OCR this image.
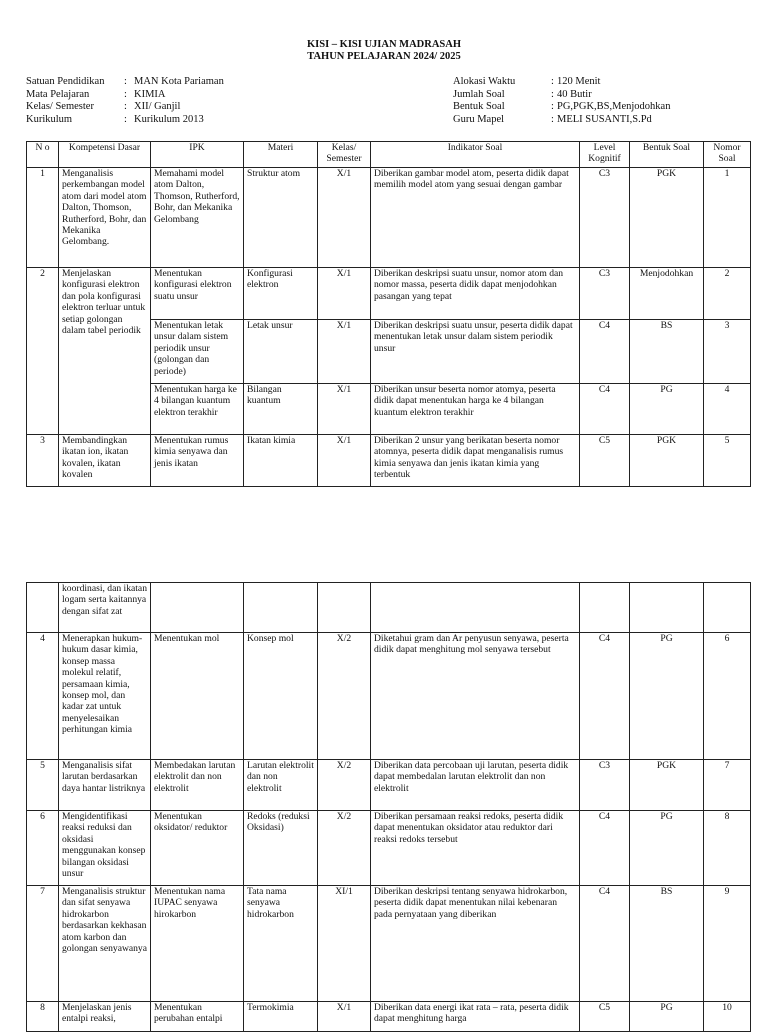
KISI – KISI UJIAN MADRASAH
TAHUN PELAJARAN 2024/ 2025
Satuan Pendidikan : MAN Kota Pariaman
Mata Pelajaran	: KIMIA
Kelas/ Semester	: XII/ Ganjil
Kurikulum	: Kurikulum 2013
Alokasi Waktu	: 120 Menit
Jumlah Soal	: 40 Butir
Bentuk Soal	: PG,PGK,BS,Menjodohkan
Guru Mapel	: MELI SUSANTI,S.Pd
N o	Kompetensi Dasar	IPK	Materi	Kelas/ Semester	Indikator Soal	Level Kognitif	Bentuk Soal	Nomor Soal
1	Menganalisis perkembangan model atom dari model atom Dalton, Thomson, Rutherford, Bohr, dan Mekanika Gelombang.	Memahami model atom Dalton, Thomson, Rutherford, Bohr, dan Mekanika Gelombang	Struktur atom	X/1	Diberikan gambar model atom, peserta didik dapat memilih model atom yang sesuai dengan gambar	C3	PGK	1
2	Menjelaskan konfigurasi elektron dan pola konfigurasi elektron terluar untuk setiap golongan dalam tabel periodik	Menentukan konfigurasi elektron suatu unsur	Konfigurasi elektron	X/1	Diberikan deskripsi suatu unsur, nomor atom dan nomor massa, peserta didik dapat menjodohkan pasangan yang tepat	C3	Menjodohkan	2
		Menentukan letak unsur dalam sistem periodik unsur (golongan dan periode)	Letak unsur	X/1	Diberikan deskripsi suatu unsur, peserta didik dapat menentukan letak unsur dalam sistem periodik unsur	C4	BS	3
		Menentukan harga ke 4 bilangan kuantum elektron terakhir	Bilangan kuantum	X/1	Diberikan unsur beserta nomor atomya, peserta didik dapat menentukan harga ke 4 bilangan kuantum elektron terakhir	C4	PG	4
3	Membandingkan ikatan ion, ikatan kovalen, ikatan kovalen	Menentukan rumus kimia senyawa dan jenis ikatan	Ikatan kimia	X/1	Diberikan 2 unsur yang berikatan beserta nomor atomnya, peserta didik dapat menganalisis rumus kimia senyawa dan jenis ikatan kimia yang terbentuk	C5	PGK	5
	koordinasi, dan ikatan logam serta kaitannya dengan sifat zat							
4	Menerapkan hukum-hukum dasar kimia, konsep massa molekul relatif, persamaan kimia, konsep mol, dan kadar zat untuk menyelesaikan perhitungan kimia	Menentukan mol	Konsep mol	X/2	Diketahui gram dan Ar penyusun senyawa, peserta didik dapat menghitung mol senyawa tersebut	C4	PG	6
5	Menganalisis sifat larutan berdasarkan daya hantar listriknya	Membedakan larutan elektrolit dan non elektrolit	Larutan elektrolit dan non elektrolit	X/2	Diberikan data percobaan uji larutan, peserta didik dapat membedalan larutan elektrolit dan non elektrolit	C3	PGK	7
6	Mengidentifikasi reaksi reduksi dan oksidasi menggunakan konsep bilangan oksidasi unsur	Menentukan oksidator/ reduktor	Redoks (reduksi Oksidasi)	X/2	Diberikan persamaan reaksi redoks, peserta didik dapat menentukan oksidator atau reduktor dari reaksi redoks tersebut	C4	PG	8
7	Menganalisis struktur dan sifat senyawa hidrokarbon berdasarkan kekhasan atom karbon dan golongan senyawanya	Menentukan nama IUPAC senyawa hirokarbon	Tata nama senyawa hidrokarbon	XI/1	Diberikan deskripsi tentang senyawa hidrokarbon, peserta didik dapat menentukan nilai kebenaran pada pernyataan yang diberikan	C4	BS	9
8	Menjelaskan jenis entalpi reaksi,	Menentukan perubahan entalpi	Termokimia	X/1	Diberikan data energi ikat rata – rata, peserta didik dapat menghitung harga	C5	PG	10
